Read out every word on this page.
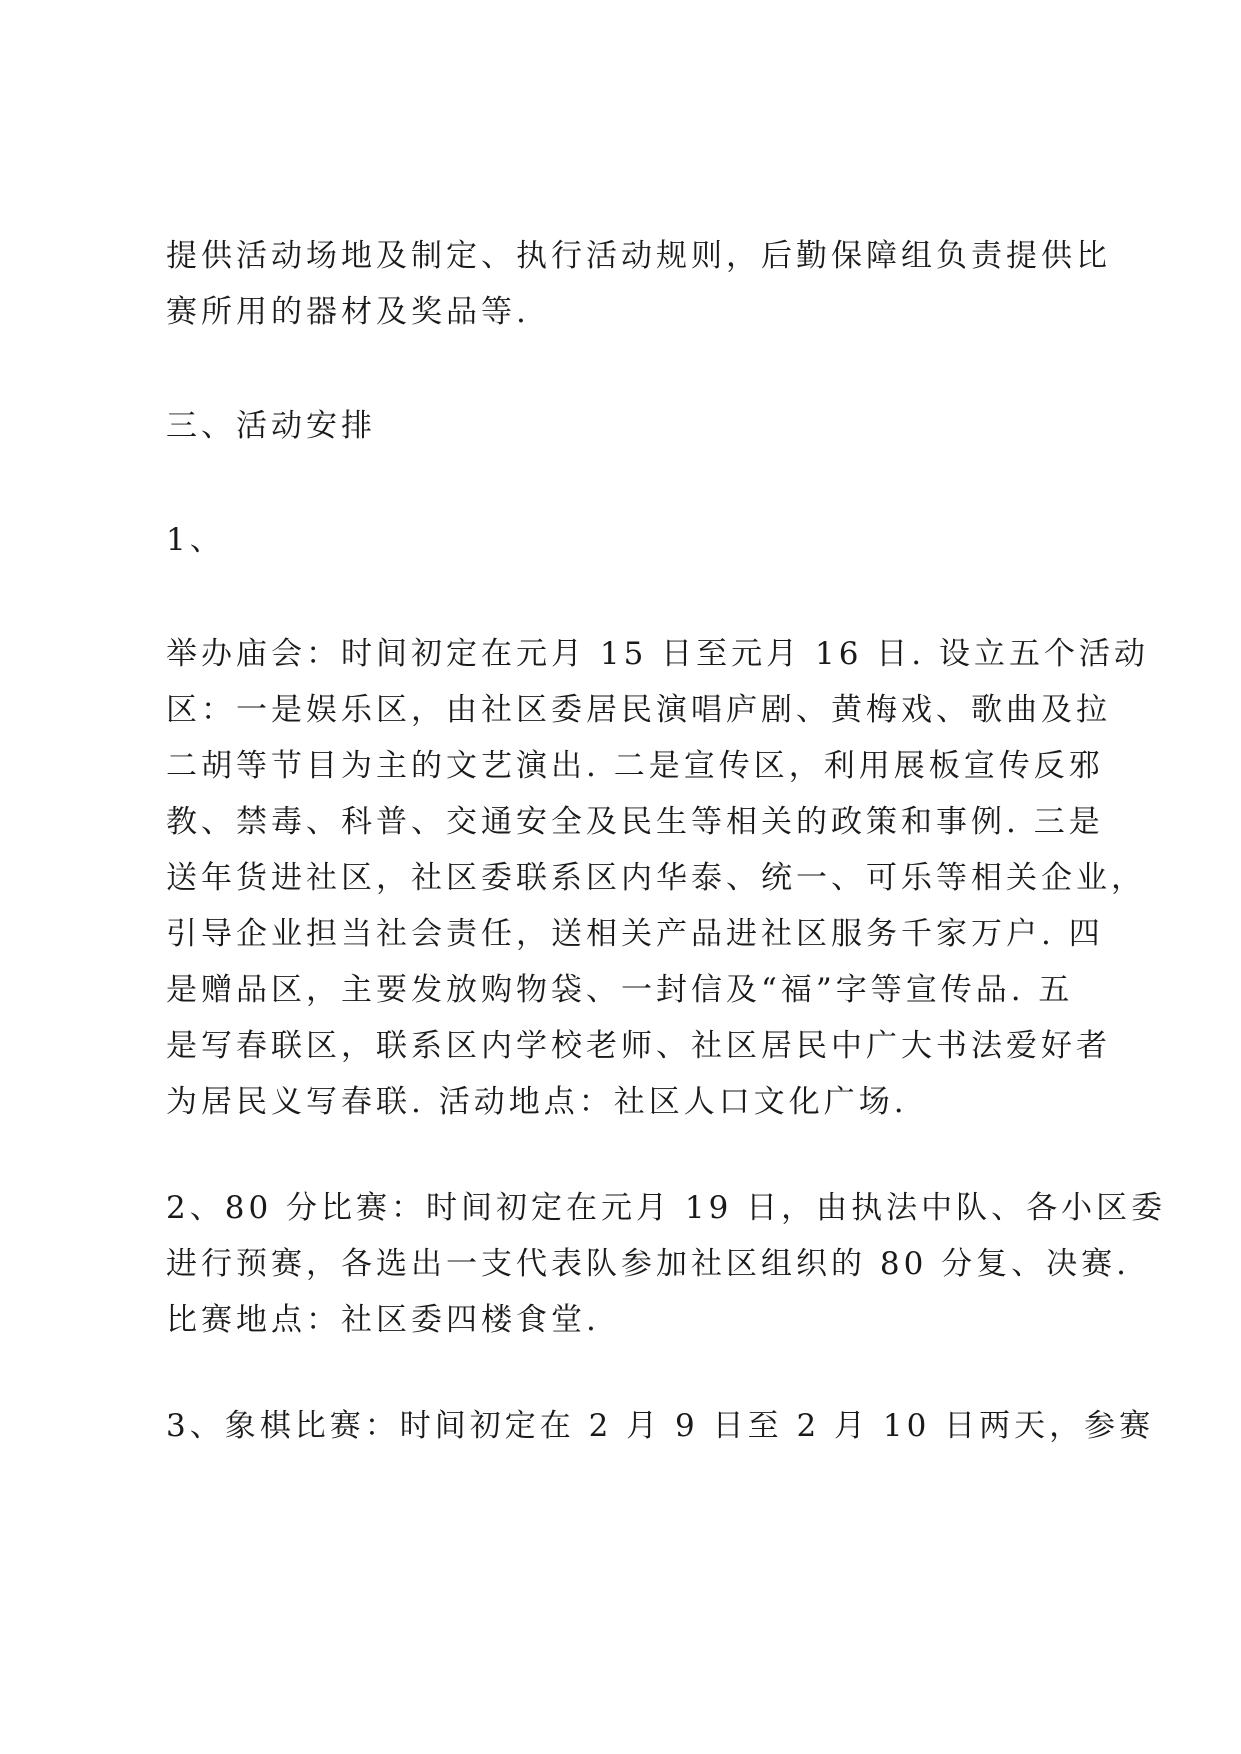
提供活动场地及制定、执行活动规则，后勤保障组负责提供比
赛所用的器材及奖品等.
三、活动安排
1、
举办庙会：时间初定在元月 15 日至元月 16 日. 设立五个活动
区：一是娱乐区，由社区委居民演唱庐剧、黄梅戏、歌曲及拉
二胡等节目为主的文艺演出. 二是宣传区，利用展板宣传反邪
教、禁毒、科普、交通安全及民生等相关的政策和事例. 三是
送年货进社区，社区委联系区内华泰、统一、可乐等相关企业，
引导企业担当社会责任，送相关产品进社区服务千家万户. 四
是赠品区，主要发放购物袋、一封信及“福”字等宣传品. 五
是写春联区，联系区内学校老师、社区居民中广大书法爱好者
为居民义写春联. 活动地点：社区人口文化广场.
2、80 分比赛：时间初定在元月 19 日，由执法中队、各小区委
进行预赛，各选出一支代表队参加社区组织的 80 分复、决赛.
比赛地点：社区委四楼食堂.
3、象棋比赛：时间初定在 2 月 9 日至 2 月 10 日两天，参赛
